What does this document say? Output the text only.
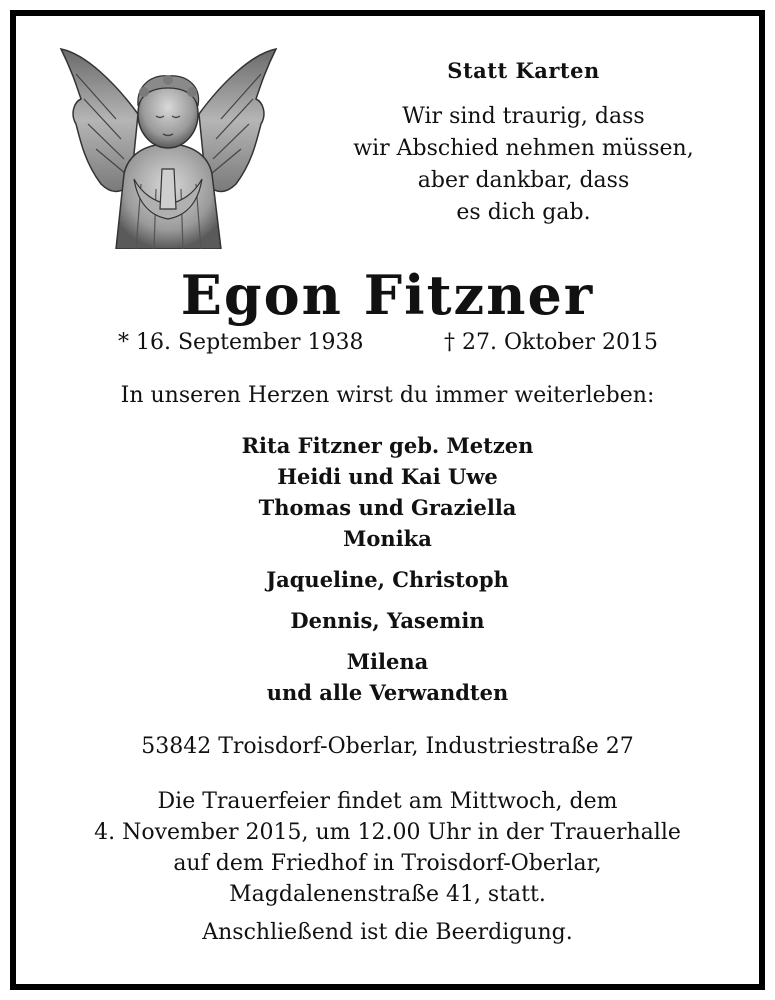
Statt Karten
Wir sind traurig, dass
wir Abschied nehmen müssen,
aber dankbar, dass
es dich gab.
Egon Fitzner
* 16. September 1938	† 27. Oktober 2015
In unseren Herzen wirst du immer weiterleben:
Rita Fitzner geb. Metzen
Heidi und Kai Uwe
Thomas und Graziella
Monika
Jaqueline, Christoph
Dennis, Yasemin
Milena
und alle Verwandten
53842 Troisdorf-Oberlar, Industriestraße 27
Die Trauerfeier findet am Mittwoch, dem
4. November 2015, um 12.00 Uhr in der Trauerhalle
auf dem Friedhof in Troisdorf-Oberlar,
Magdalenenstraße 41, statt.
Anschließend ist die Beerdigung.
